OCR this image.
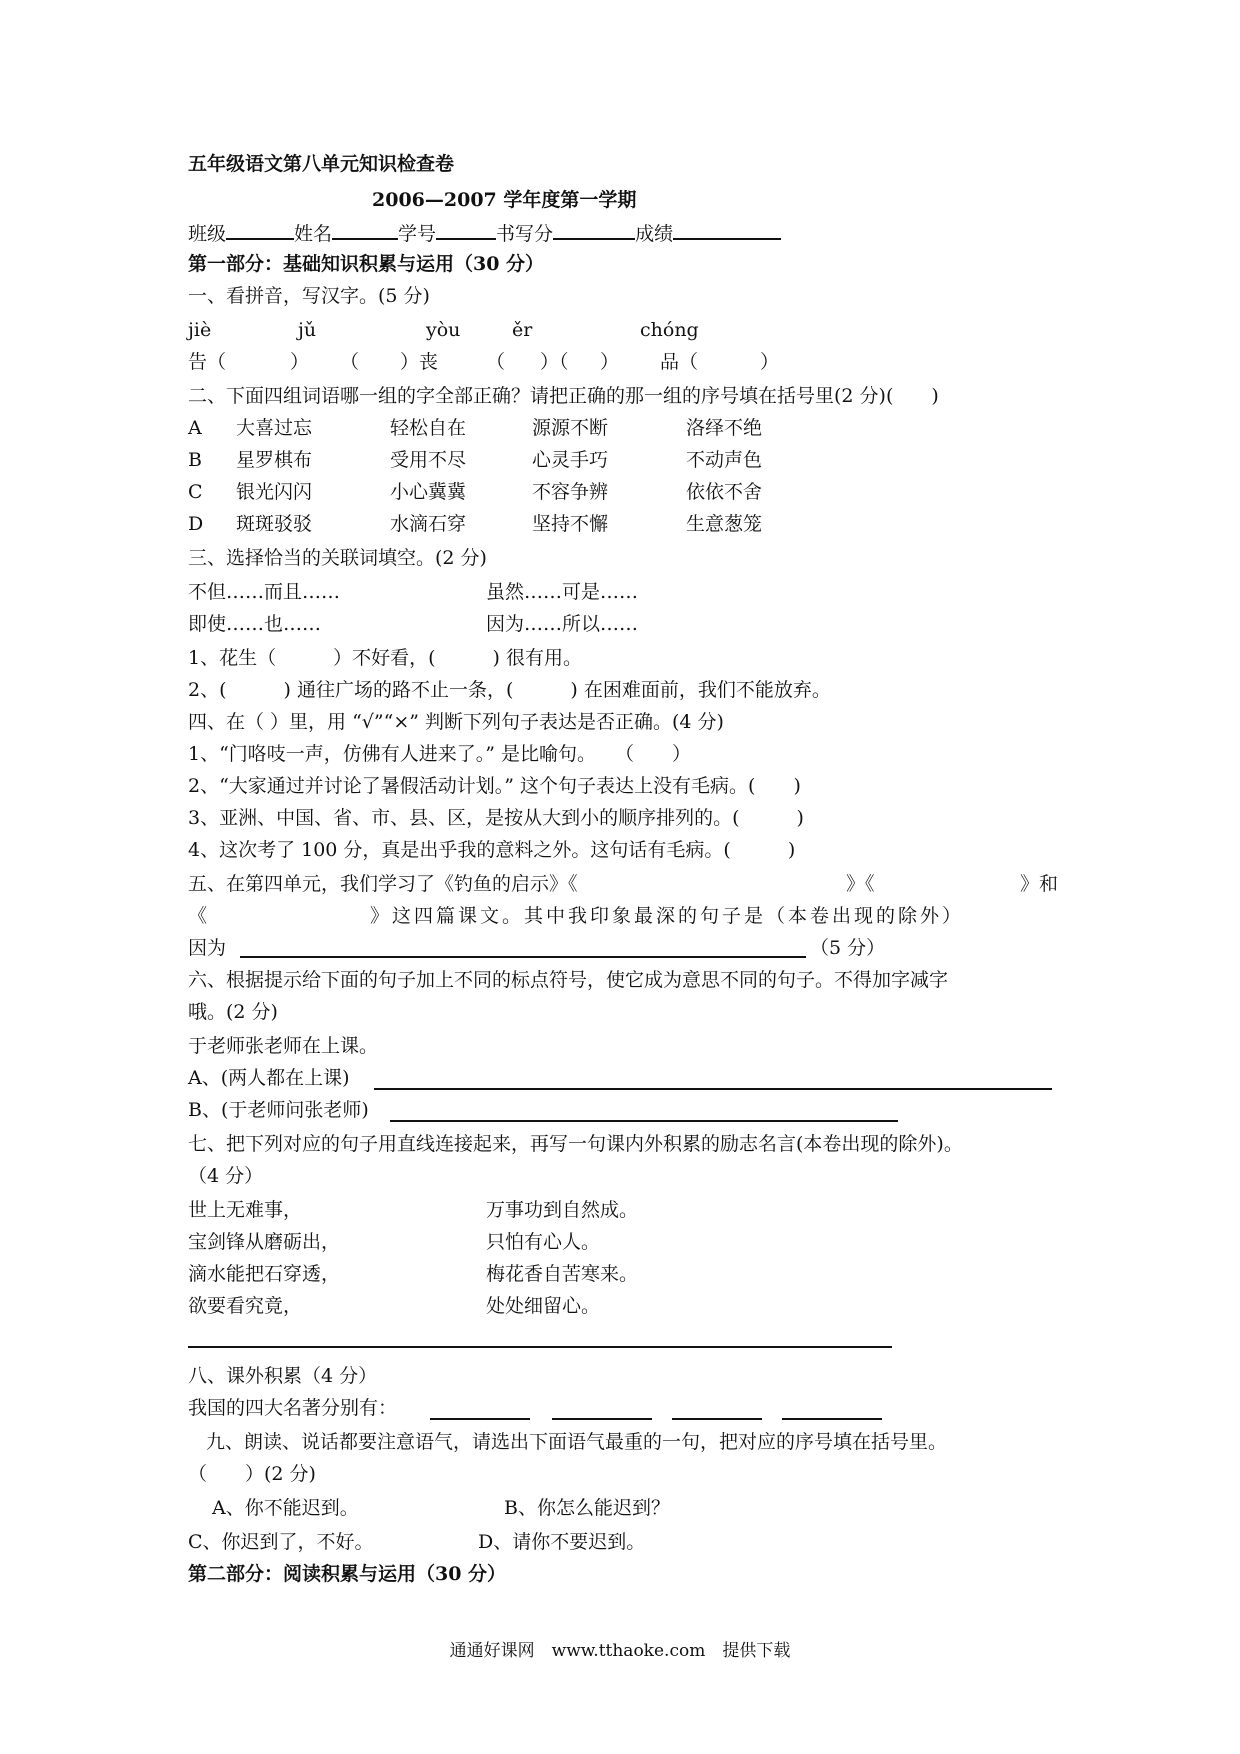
五年级语文第八单元知识检查卷
2006—2007 学年度第一学期
班级	姓名	学号	书写分	成绩
第一部分：基础知识积累与运用（30 分）
一、看拼音，写汉字。(5 分)
jiè	jǔ	yòu	ěr	chóng
告（	） （ ）丧	（ ）（ ） 品（	）
二、下面四组词语哪一组的字全部正确？请把正确的那一组的序号填在括号里(2 分)(　　)
A 大喜过忘	轻松自在	源源不断	洛绎不绝
B 星罗棋布	受用不尽	心灵手巧	不动声色
C 银光闪闪	小心冀冀	不容争辨	依依不舍
D 斑斑驳驳	水滴石穿	坚持不懈	生意葱笼
三、选择恰当的关联词填空。(2 分)
不但……而且……	虽然……可是……
即使……也……	因为……所以……
1、花生（　　　）不好看，(　　　) 很有用。
2、(　　　) 通往广场的路不止一条，(　　　) 在困难面前，我们不能放弃。
四、在（ ）里，用 “√”“×” 判断下列句子表达是否正确。(4 分)
1、“门咯吱一声，仿佛有人进来了。” 是比喻句。　　（　　）
2、“大家通过并讨论了暑假活动计划。” 这个句子表达上没有毛病。(　　)
3、亚洲、中国、省、市、县、区，是按从大到小的顺序排列的。(　　　)
4、这次考了 100 分，真是出乎我的意料之外。这句话有毛病。(　　　)
五、在第四单元，我们学习了《钓鱼的启示》《	》《	》和
《	》这四篇课文。其中我印象最深的句子是（本卷出现的除外）
因为	（5 分）
六、根据提示给下面的句子加上不同的标点符号，使它成为意思不同的句子。不得加字减字
哦。(2 分)
于老师张老师在上课。
A、(两人都在上课)
B、(于老师问张老师)
七、把下列对应的句子用直线连接起来，再写一句课内外积累的励志名言(本卷出现的除外)。
（4 分）
世上无难事，	万事功到自然成。
宝剑锋从磨砺出，	只怕有心人。
滴水能把石穿透，	梅花香自苦寒来。
欲要看究竟，	处处细留心。
八、课外积累（4 分）
我国的四大名著分别有：
九、朗读、说话都要注意语气，请选出下面语气最重的一句，把对应的序号填在括号里。
（　　）(2 分)
A、你不能迟到。	B、你怎么能迟到？
C、你迟到了，不好。	D、请你不要迟到。
第二部分：阅读积累与运用（30 分）
通通好课网　www.tthaoke.com　提供下载
